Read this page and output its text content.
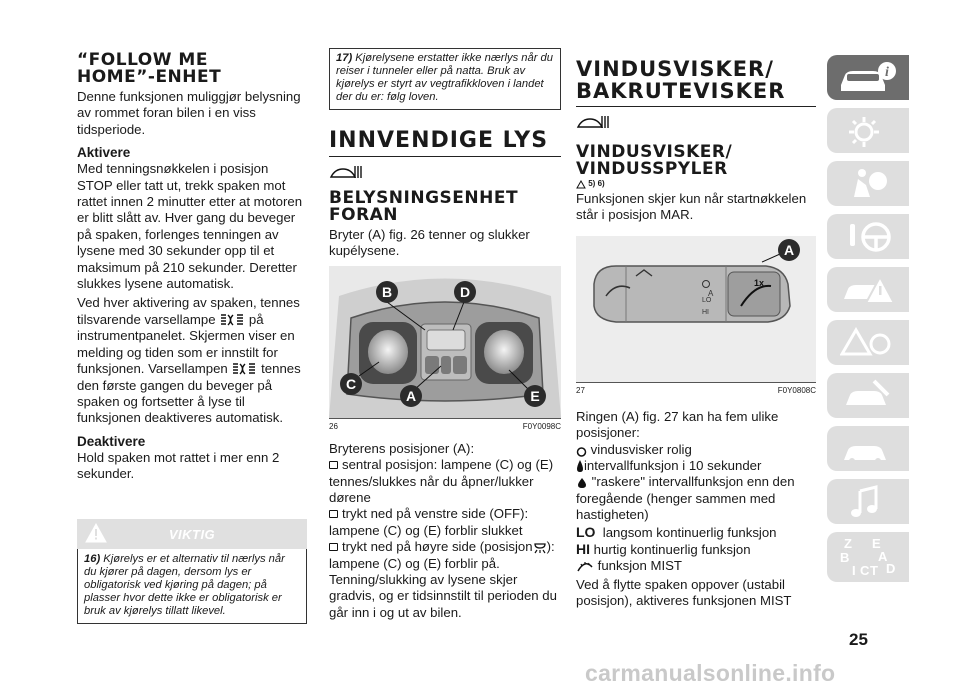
“FOLLOW ME
HOME”-ENHET

Denne funksjonen muliggjør belysning av rommet foran bilen i en viss tidsperiode.

Aktivere

Med tenningsnøkkelen i posisjon STOP eller tatt ut, trekk spaken mot rattet innen 2 minutter etter at motoren er blitt slått av. Hver gang du beveger på spaken, forlenges tenningen av lysene med 30 sekunder opp til et maksimum på 210 sekunder. Deretter slukkes lysene automatisk.

Ved hver aktivering av spaken, tennes tilsvarende varsellampe	på instrumentpanelet. Skjermen viser en melding og tiden som er innstilt for funksjonen. Varsellampen	tennes den første gangen du beveger på spaken og fortsetter å lyse til funksjonen deaktiveres automatisk.

Deaktivere

Hold spaken mot rattet i mer enn 2 sekunder.

VIKTIG
16) Kjørelys er et alternativ til nærlys når du kjører på dagen, dersom lys er obligatorisk ved kjøring på dagen; på plasser hvor dette ikke er obligatorisk er bruk av kjørelys tillatt likevel.
17) Kjørelysene erstatter ikke nærlys når du reiser i tunneler eller på natta. Bruk av kjørelys er styrt av vegtrafikkloven i landet der du er: følg loven.
INNVENDIGE LYS
BELYSNINGSENHET
FORAN

Bryter (A) fig. 26 tenner og slukker kupélysene.

B	D
C
A	E
26	F0Y0098C

Bryterens posisjoner (A):

sentral posisjon: lampene (C) og (E) tennes/slukkes når du åpner/lukker dørene

trykt ned på venstre side (OFF): lampene (C) og (E) forblir slukket

trykt ned på høyre side (posisjon ): lampene (C) og (E) forblir på. Tenning/slukking av lysene skjer gradvis, og er tidsinnstilt til perioden du går inn i og ut av bilen.

VINDUSVISKER/
BAKRUTEVISKER
VINDUSVISKER/
VINDUSSPYLER
5) 6)

Funksjonen skjer kun når startnøkkelen står i posisjon MAR.

1x
LO
HI
A
A
27	F0Y0808C

Ringen (A) fig. 27 kan ha fem ulike posisjoner:

vindusvisker rolig

intervallfunksjon i 10 sekunder

"raskere" intervallfunksjon enn den foregående (henger sammen med hastigheten)

LO langsom kontinuerlig funksjon

HI hurtig kontinuerlig funksjon

funksjon MIST

Ved å flytte spaken oppover (ustabil posisjon), aktiveres funksjonen MIST

i
Z E
B A
I C T D
25
carmanualsonline.info
